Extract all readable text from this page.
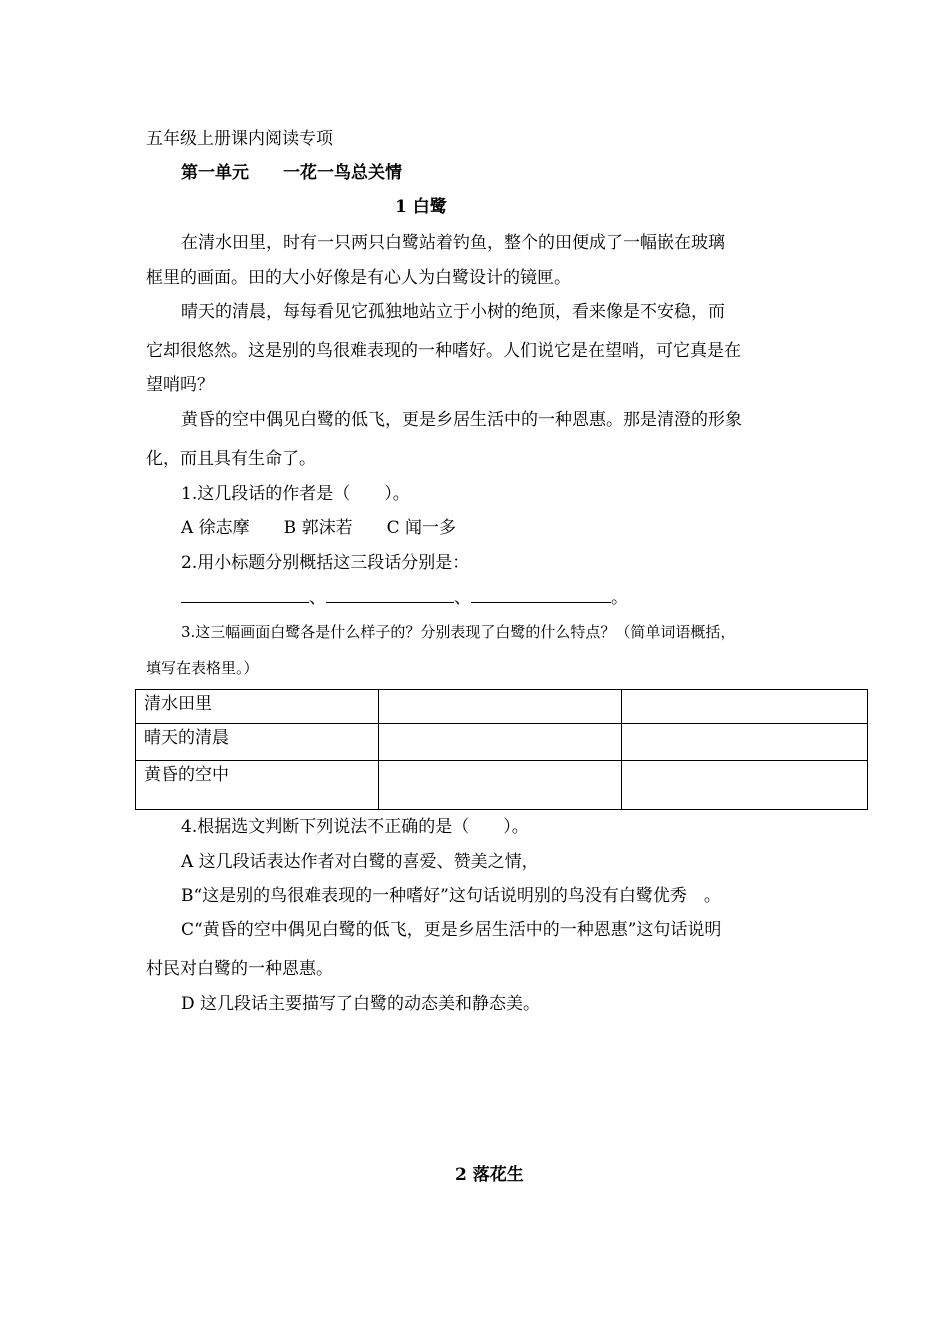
五年级上册课内阅读专项
第一单元　　一花一鸟总关情
1 白鹭
在清水田里，时有一只两只白鹭站着钓鱼，整个的田便成了一幅嵌在玻璃
框里的画面。田的大小好像是有心人为白鹭设计的镜匣。
晴天的清晨，每每看见它孤独地站立于小树的绝顶，看来像是不安稳，而
它却很悠然。这是别的鸟很难表现的一种嗜好。人们说它是在望哨，可它真是在
望哨吗？
黄昏的空中偶见白鹭的低飞，更是乡居生活中的一种恩惠。那是清澄的形象
化，而且具有生命了。
1.这几段话的作者是（　　）。
A 徐志摩　　B 郭沫若　　C 闻一多
2.用小标题分别概括这三段话分别是：
、	、	。
3.这三幅画面白鹭各是什么样子的？分别表现了白鹭的什么特点？（简单词语概括，
填写在表格里。）
清水田里		
晴天的清晨		
黄昏的空中		
4.根据选文判断下列说法不正确的是（　　）。
A 这几段话表达作者对白鹭的喜爱、赞美之情，
B“这是别的鸟很难表现的一种嗜好”这句话说明别的鸟没有白鹭优秀　。
C“黄昏的空中偶见白鹭的低飞，更是乡居生活中的一种恩惠”这句话说明
村民对白鹭的一种恩惠。
D 这几段话主要描写了白鹭的动态美和静态美。
2 落花生
